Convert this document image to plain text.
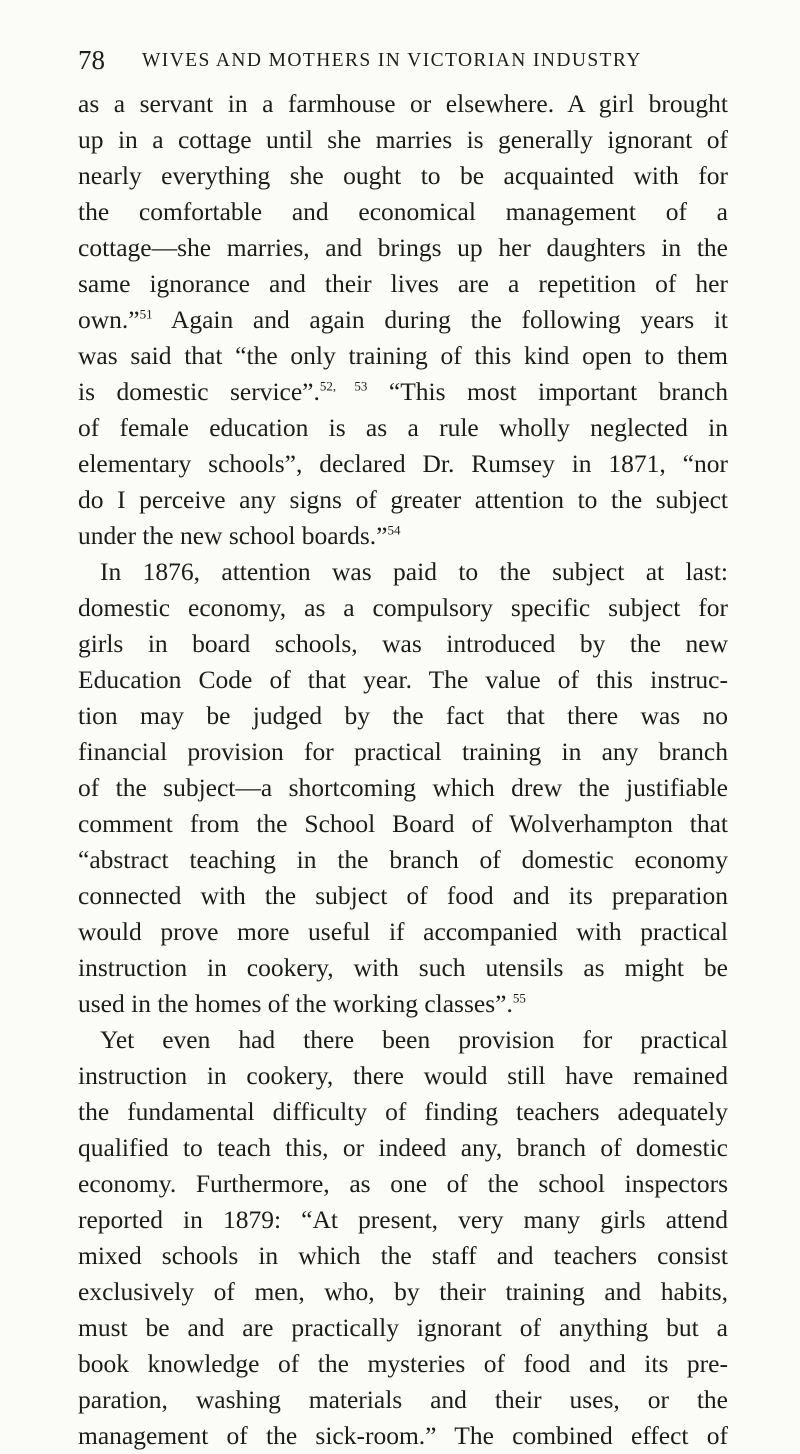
78 WIVES AND MOTHERS IN VICTORIAN INDUSTRY
as a servant in a farmhouse or elsewhere. A girl brought
up in a cottage until she marries is generally ignorant of
nearly everything she ought to be acquainted with for
the comfortable and economical management of a
cottage—she marries, and brings up her daughters in the
same ignorance and their lives are a repetition of her
own.”$^{51}$ Again and again during the following years it
was said that “the only training of this kind open to them
is domestic service”.$^{52, 53}$ “This most important branch
of female education is as a rule wholly neglected in
elementary schools”, declared Dr. Rumsey in 1871, “nor
do I perceive any signs of greater attention to the subject
under the new school boards.”$^{54}$
In 1876, attention was paid to the subject at last:
domestic economy, as a compulsory specific subject for
girls in board schools, was introduced by the new
Education Code of that year. The value of this instruc-
tion may be judged by the fact that there was no
financial provision for practical training in any branch
of the subject—a shortcoming which drew the justifiable
comment from the School Board of Wolverhampton that
“abstract teaching in the branch of domestic economy
connected with the subject of food and its preparation
would prove more useful if accompanied with practical
instruction in cookery, with such utensils as might be
used in the homes of the working classes”.$^{55}$
Yet even had there been provision for practical
instruction in cookery, there would still have remained
the fundamental difficulty of finding teachers adequately
qualified to teach this, or indeed any, branch of domestic
economy. Furthermore, as one of the school inspectors
reported in 1879: “At present, very many girls attend
mixed schools in which the staff and teachers consist
exclusively of men, who, by their training and habits,
must be and are practically ignorant of anything but a
book knowledge of the mysteries of food and its pre-
paration, washing materials and their uses, or the
management of the sick-room.” The combined effect of
